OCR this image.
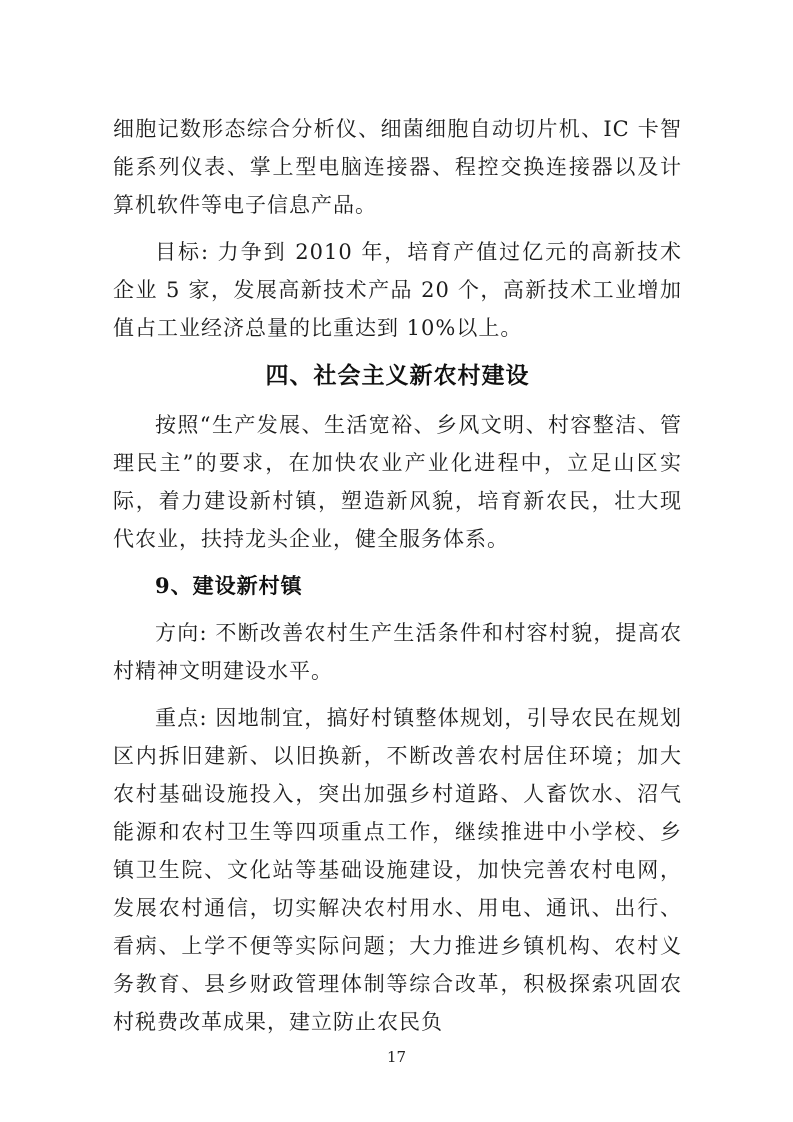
细胞记数形态综合分析仪、细菌细胞自动切片机、IC 卡智能系列仪表、掌上型电脑连接器、程控交换连接器以及计算机软件等电子信息产品。

目标: 力争到 2010 年，培育产值过亿元的高新技术企业 5 家，发展高新技术产品 20 个，高新技术工业增加值占工业经济总量的比重达到 10%以上。

四、社会主义新农村建设

按照“生产发展、生活宽裕、乡风文明、村容整洁、管理民主”的要求，在加快农业产业化进程中，立足山区实际，着力建设新村镇，塑造新风貌，培育新农民，壮大现代农业，扶持龙头企业，健全服务体系。

9、建设新村镇

方向: 不断改善农村生产生活条件和村容村貌，提高农村精神文明建设水平。

重点: 因地制宜，搞好村镇整体规划，引导农民在规划区内拆旧建新、以旧换新，不断改善农村居住环境；加大农村基础设施投入，突出加强乡村道路、人畜饮水、沼气能源和农村卫生等四项重点工作，继续推进中小学校、乡镇卫生院、文化站等基础设施建设，加快完善农村电网，发展农村通信，切实解决农村用水、用电、通讯、出行、看病、上学不便等实际问题；大力推进乡镇机构、农村义务教育、县乡财政管理体制等综合改革，积极探索巩固农村税费改革成果，建立防止农民负

17
